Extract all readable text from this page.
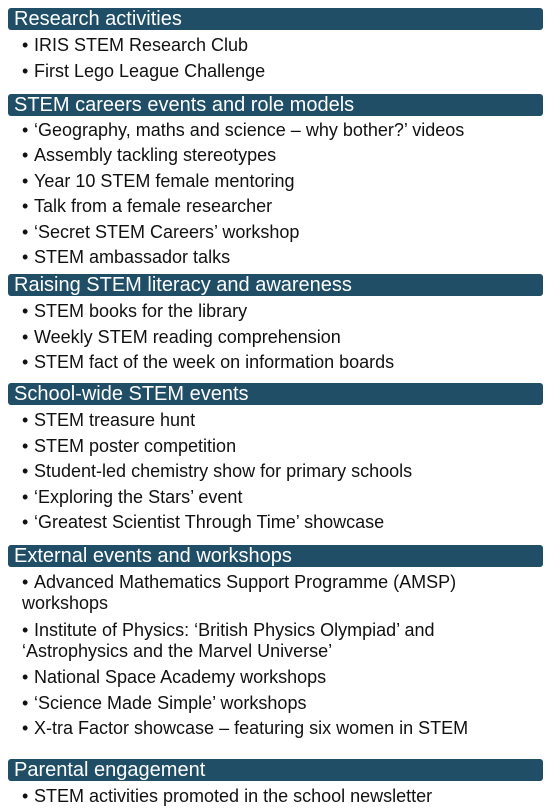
Research activities
• IRIS STEM Research Club
• First Lego League Challenge
STEM careers events and role models
• ‘Geography, maths and science – why bother?’ videos
• Assembly tackling stereotypes
• Year 10 STEM female mentoring
• Talk from a female researcher
• ‘Secret STEM Careers’ workshop
• STEM ambassador talks
Raising STEM literacy and awareness
• STEM books for the library
• Weekly STEM reading comprehension
• STEM fact of the week on information boards
School-wide STEM events
• STEM treasure hunt
• STEM poster competition
• Student-led chemistry show for primary schools
• ‘Exploring the Stars’ event
• ‘Greatest Scientist Through Time’ showcase
External events and workshops
• Advanced Mathematics Support Programme (AMSP) workshops
• Institute of Physics: ‘British Physics Olympiad’ and ‘Astrophysics and the Marvel Universe’
• National Space Academy workshops
• ‘Science Made Simple’ workshops
• X-tra Factor showcase – featuring six women in STEM
Parental engagement
• STEM activities promoted in the school newsletter
